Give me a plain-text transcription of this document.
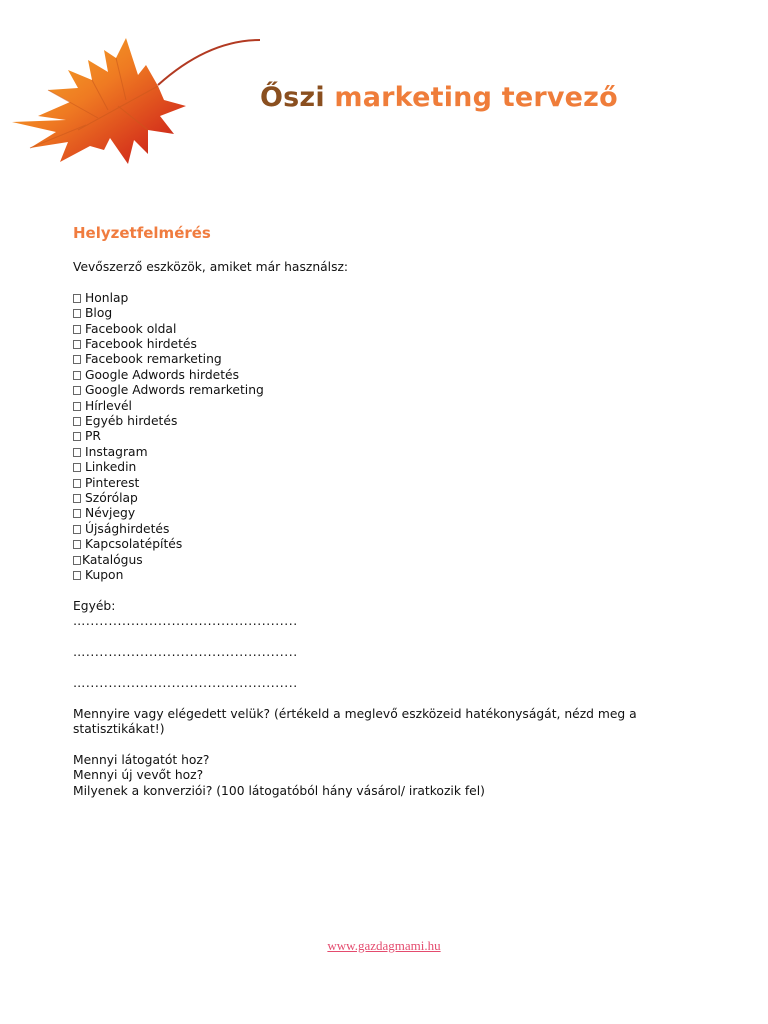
Őszi marketing tervező
Helyzetfelmérés
Vevőszerző eszközök, amiket már használsz:
Honlap
Blog
Facebook oldal
Facebook hirdetés
Facebook remarketing
Google Adwords hirdetés
Google Adwords remarketing
Hírlevél
Egyéb hirdetés
PR
Instagram
Linkedin
Pinterest
Szórólap
Névjegy
Újsághirdetés
Kapcsolatépítés
Katalógus
Kupon
Egyéb:
…...............................................
…...............................................
…...............................................
Mennyire vagy elégedett velük? (értékeld a meglevő eszközeid hatékonyságát, nézd meg a statisztikákat!)
Mennyi látogatót hoz?
Mennyi új vevőt hoz?
Milyenek a konverziói? (100 látogatóból hány vásárol/ iratkozik fel)
www.gazdagmami.hu
